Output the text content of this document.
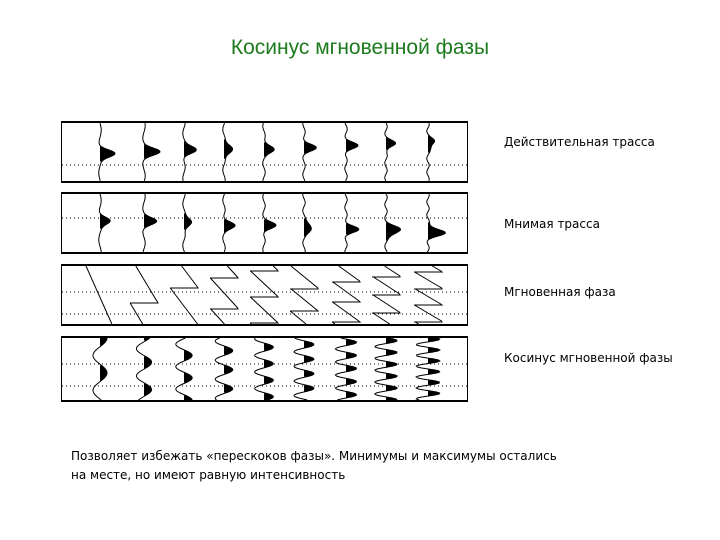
Косинус мгновенной фазы
Действительная трасса
Мнимая трасса
Мгновенная фаза
Косинус мгновенной фазы
Позволяет избежать «перескоков фазы». Минимумы и максимумы остались
на месте, но имеют равную интенсивность
